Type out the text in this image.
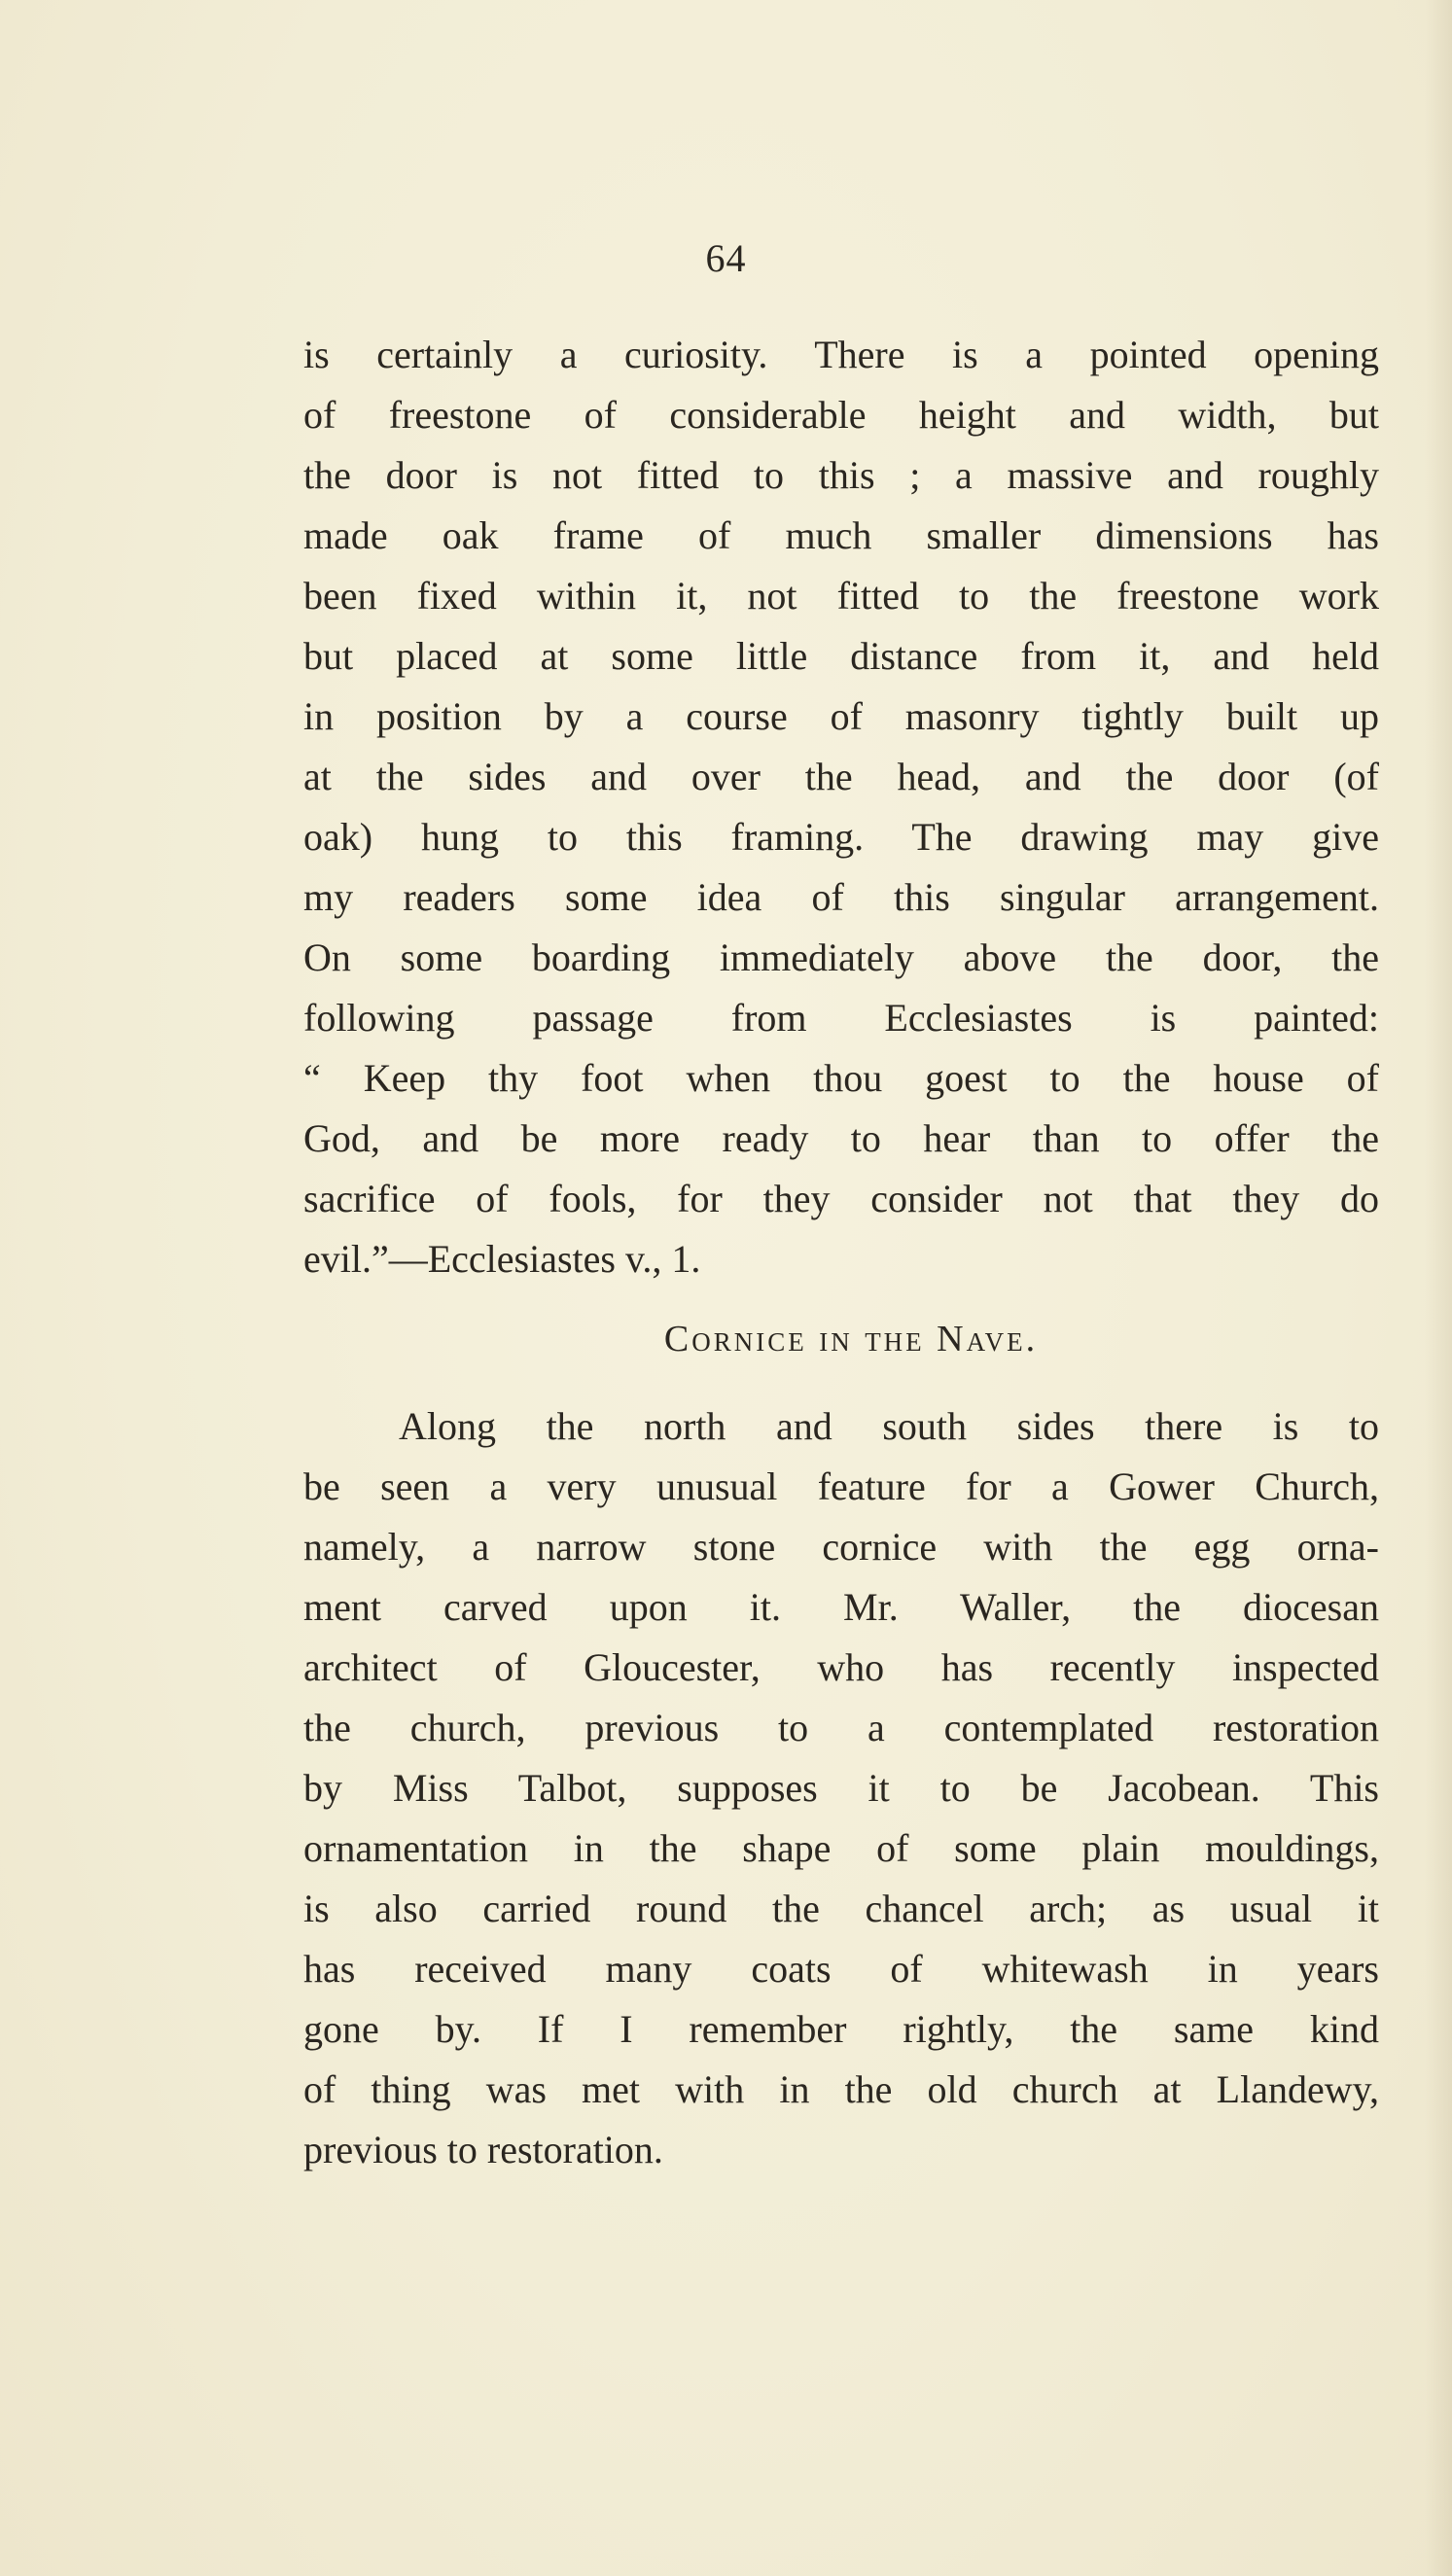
64
is certainly a curiosity. There is a pointed opening
of freestone of considerable height and width, but
the door is not fitted to this ; a massive and roughly
made oak frame of much smaller dimensions has
been fixed within it, not fitted to the freestone work
but placed at some little distance from it, and held
in position by a course of masonry tightly built up
at the sides and over the head, and the door (of
oak) hung to this framing. The drawing may give
my readers some idea of this singular arrangement.
On some boarding immediately above the door, the
following passage from Ecclesiastes is painted:
“ Keep thy foot when thou goest to the house of
God, and be more ready to hear than to offer the
sacrifice of fools, for they consider not that they do
evil.”—Ecclesiastes v., 1.
Cornice in the Nave.
Along the north and south sides there is to
be seen a very unusual feature for a Gower Church,
namely, a narrow stone cornice with the egg orna-
ment carved upon it. Mr. Waller, the diocesan
architect of Gloucester, who has recently inspected
the church, previous to a contemplated restoration
by Miss Talbot, supposes it to be Jacobean. This
ornamentation in the shape of some plain mouldings,
is also carried round the chancel arch; as usual it
has received many coats of whitewash in years
gone by. If I remember rightly, the same kind
of thing was met with in the old church at Llandewy,
previous to restoration.
